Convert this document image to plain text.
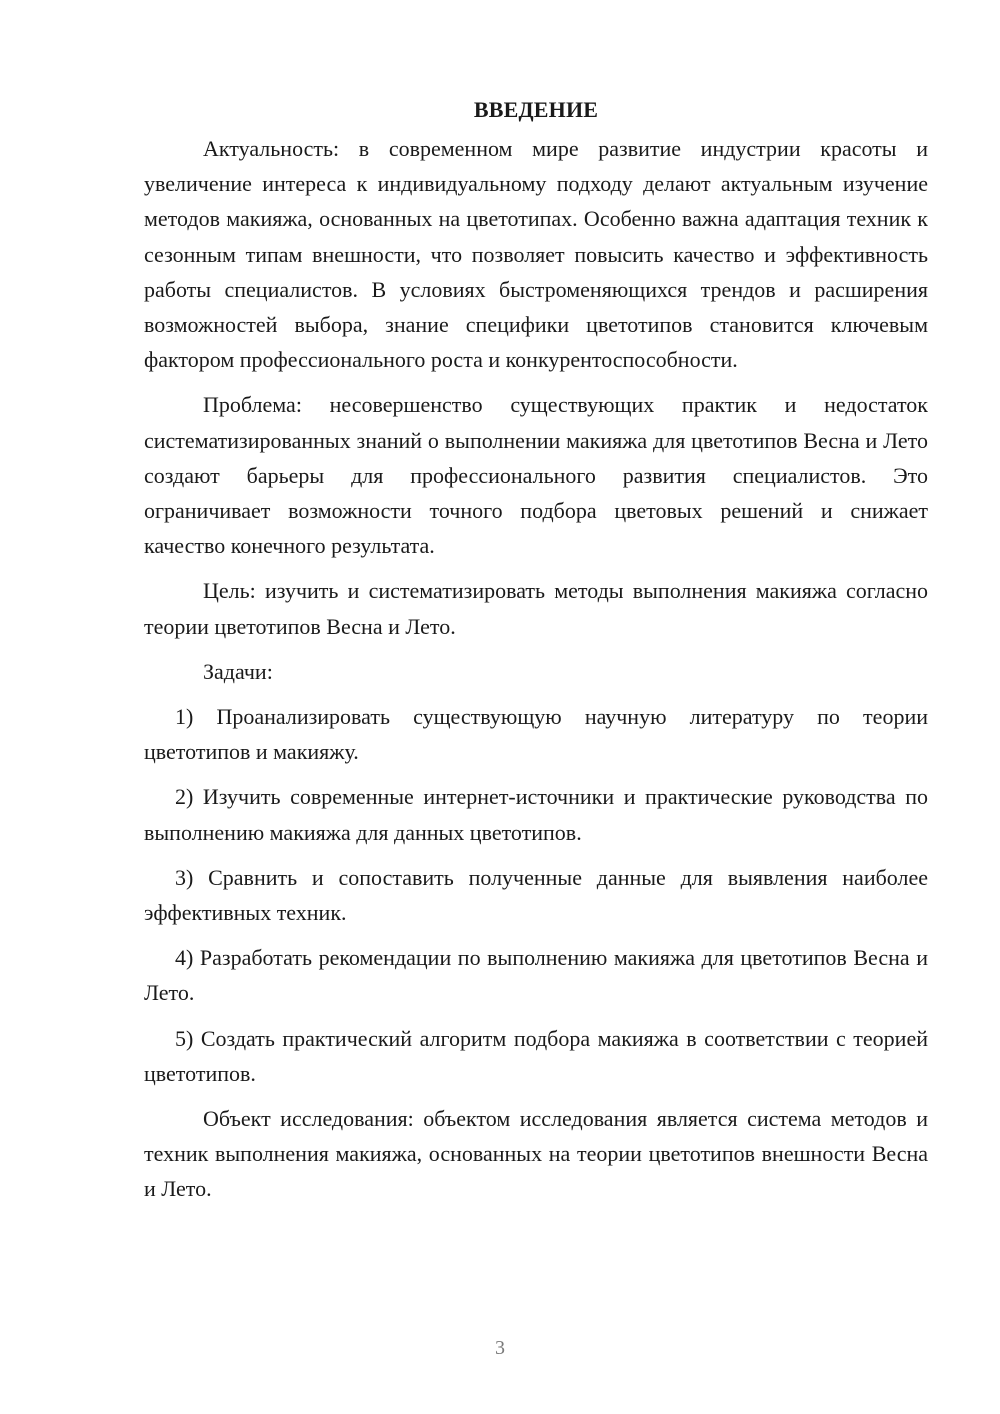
ВВЕДЕНИЕ

Актуальность: в современном мире развитие индустрии красоты и увеличение интереса к индивидуальному подходу делают актуальным изучение методов макияжа, основанных на цветотипах. Особенно важна адаптация техник к сезонным типам внешности, что позволяет повысить качество и эффективность работы специалистов. В условиях быстроменяющихся трендов и расширения возможностей выбора, знание специфики цветотипов становится ключевым фактором профессионального роста и конкурентоспособности.

Проблема: несовершенство существующих практик и недостаток систематизированных знаний о выполнении макияжа для цветотипов Весна и Лето создают барьеры для профессионального развития специалистов. Это ограничивает возможности точного подбора цветовых решений и снижает качество конечного результата.

Цель: изучить и систематизировать методы выполнения макияжа согласно теории цветотипов Весна и Лето.

Задачи:

1) Проанализировать существующую научную литературу по теории цветотипов и макияжу.

2) Изучить современные интернет-источники и практические руководства по выполнению макияжа для данных цветотипов.

3) Сравнить и сопоставить полученные данные для выявления наиболее эффективных техник.

4) Разработать рекомендации по выполнению макияжа для цветотипов Весна и Лето.

5) Создать практический алгоритм подбора макияжа в соответствии с теорией цветотипов.

Объект исследования: объектом исследования является система методов и техник выполнения макияжа, основанных на теории цветотипов внешности Весна и Лето.

3
